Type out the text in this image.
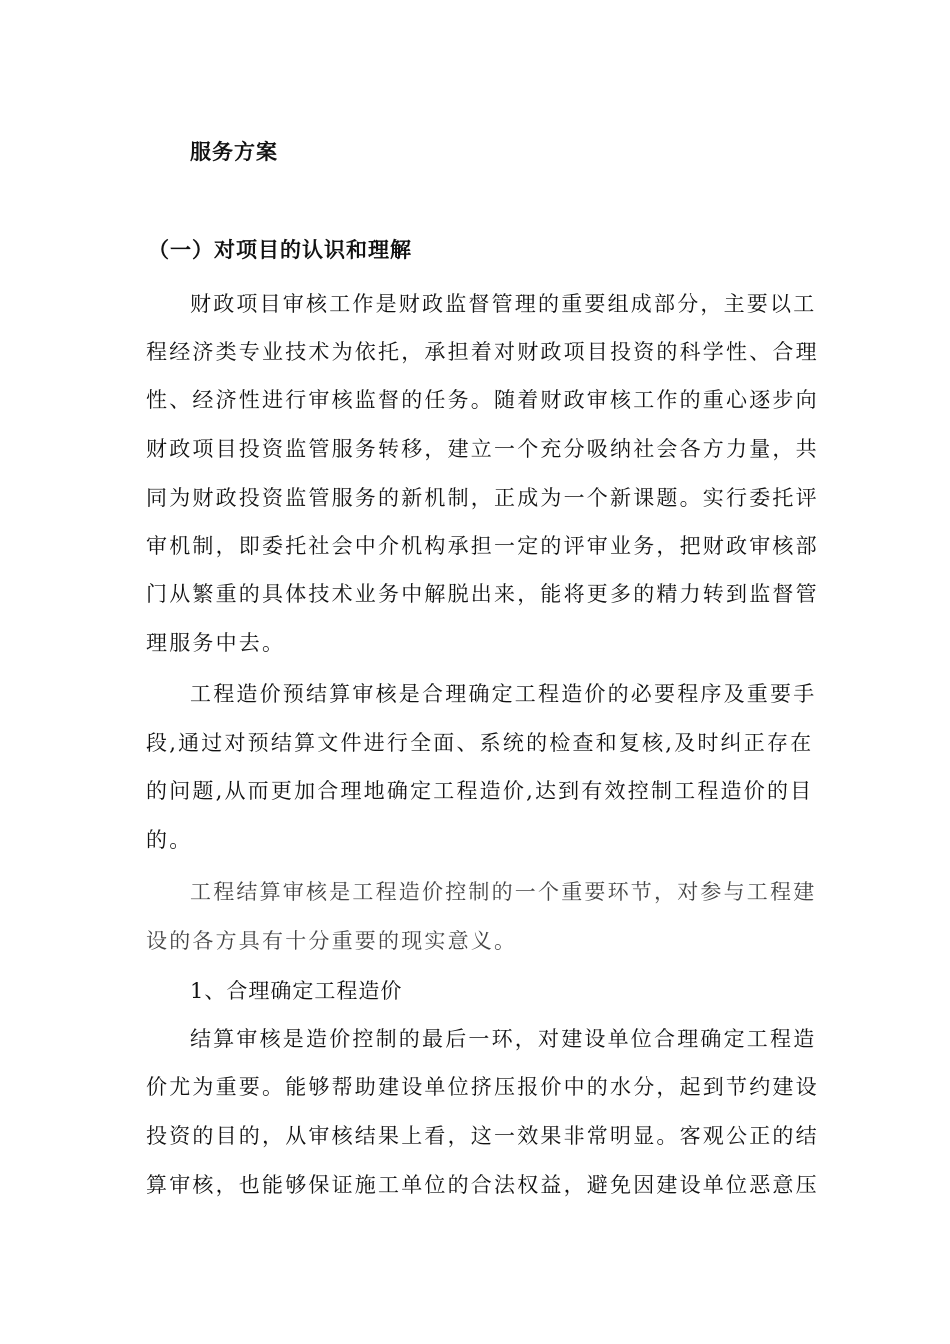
服务方案
（一）对项目的认识和理解
财政项目审核工作是财政监督管理的重要组成部分，主要以工
程经济类专业技术为依托，承担着对财政项目投资的科学性、合理
性、经济性进行审核监督的任务。随着财政审核工作的重心逐步向
财政项目投资监管服务转移，建立一个充分吸纳社会各方力量，共
同为财政投资监管服务的新机制，正成为一个新课题。实行委托评
审机制，即委托社会中介机构承担一定的评审业务，把财政审核部
门从繁重的具体技术业务中解脱出来，能将更多的精力转到监督管
理服务中去。
工程造价预结算审核是合理确定工程造价的必要程序及重要手
段,通过对预结算文件进行全面、系统的检查和复核,及时纠正存在
的问题,从而更加合理地确定工程造价,达到有效控制工程造价的目
的。
工程结算审核是工程造价控制的一个重要环节，对参与工程建
设的各方具有十分重要的现实意义。
1、合理确定工程造价
结算审核是造价控制的最后一环，对建设单位合理确定工程造
价尤为重要。能够帮助建设单位挤压报价中的水分，起到节约建设
投资的目的，从审核结果上看，这一效果非常明显。客观公正的结
算审核，也能够保证施工单位的合法权益，避免因建设单位恶意压
